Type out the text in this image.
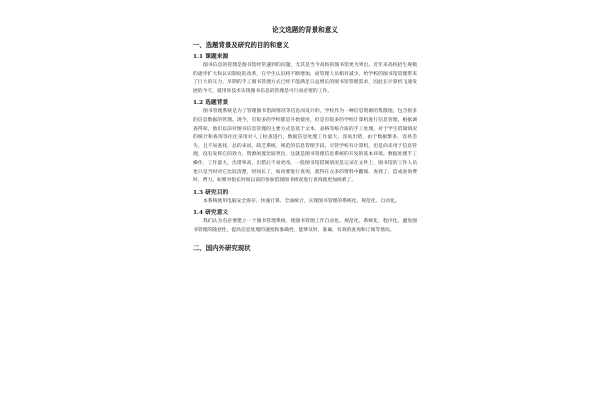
论文选题的背景和意义
一、选题背景及研究的目的和意义
1.1 课题来源

图书信息的管理是图书馆经常遇到的问题，尤其是当今高校的图书馆更为突出。近年来高校招生规模的逐步扩大和认识制度的改革，在学生认识将不断增加，而管理人员相对减少。给学校的图书馆管理带来了巨大的压力，早期的手工图书管理方式已经不能满足日益增长的图书馆管理需求，因此在计算机飞速发展的今天，就用库技术实现图书信息的管理是可行而必要的工作。

1.2 选题背景

图书管理系统是为了管理图书借阅情况等信息而设计的，学校作为一种信息资源的集散地，包含很多的信息数据的管理。现今，有很多的学校都是开始使用，但是有很多的学校计算机进行信息管理。根据调查得知，他们以前对图书信息管理的主要方式是基于文本、表格等纸介质的手工处理，对于学生借阅情况的统计和查询等往往采用对人工检查进行，数据信息处理工作量大，容易出错，由于数据繁多，容易丢失，且不易查找，总的来说，缺乏系统，规范的信息管理手段。尽管学校有计算机，但是尚未用于信息管理，没有发挥它的效力，资源闲置比较突出，这就是图书管理信息系统的开发的基本环境。数据处理手工操作，工作量大，出错率高，出错后不易更改。一般图书馆借阅情况是记录在文件上，图书馆的工作人员也只是当时对它比较清楚，时间长了，如再要进行查询，就得在众多的资料中翻阅、查找了，造成查询费时、费力。如要对很长时间以前的参加借阅图书情况进行查询就更加困难了。

1.3 研究目的

本系统使用电脑安全保存、快速计算、全面统计，实现图书管理的系统化、规范化、自动化。

1.4 研究意义

我们认为有必要建立一个图书管理系统，使图书管理工作自动化、规范化、系统化、程序化，避免图书管理的随意性，提高信息处理的速度和准确性，能够及时、准确、有效的查询和订阅等情况。

二、国内外研究现状
